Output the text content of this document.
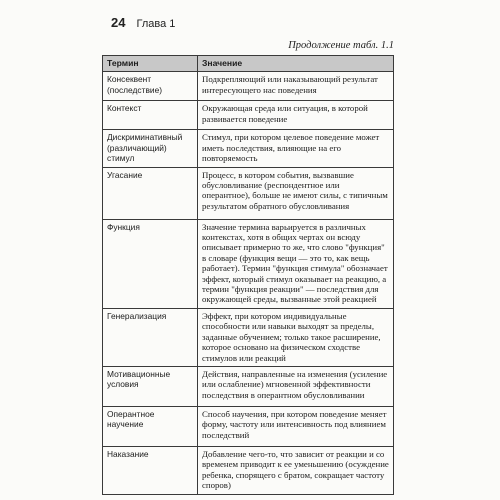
24 Глава 1
Продолжение табл. 1.1
Термин	Значение
Консеквент (последствие)	Подкрепляющий или наказывающий результат интересующего нас поведения
Контекст	Окружающая среда или ситуация, в которой развивается поведение
Дискриминативный (различающий) стимул	Стимул, при котором целевое поведение может иметь последствия, влияющие на его повторяемость
Угасание	Процесс, в котором события, вызвавшие обусловливание (респондентное или оперантное), больше не имеют силы, с типичным результатом обратного обусловливания
Функция	Значение термина варьируется в различных контекстах, хотя в общих чертах он всюду описывает примерно то же, что слово "функция" в словаре (функция вещи — это то, как вещь работает). Термин "функция стимула" обозначает эффект, который стимул оказывает на реакцию, а термин "функция реакции" — последствия для окружающей среды, вызванные этой реакцией
Генерализация	Эффект, при котором индивидуальные способности или навыки выходят за пределы, заданные обучением; только такое расширение, которое основано на физическом сходстве стимулов или реакций
Мотивационные условия	Действия, направленные на изменения (усиление или ослабление) мгновенной эффективности последствия в оперантном обусловливании
Оперантное научение	Способ научения, при котором поведение меняет форму, частоту или интенсивность под влиянием последствий
Наказание	Добавление чего-то, что зависит от реакции и со временем приводит к ее уменьшению (осуждение ребенка, спорящего с братом, сокращает частоту споров)
